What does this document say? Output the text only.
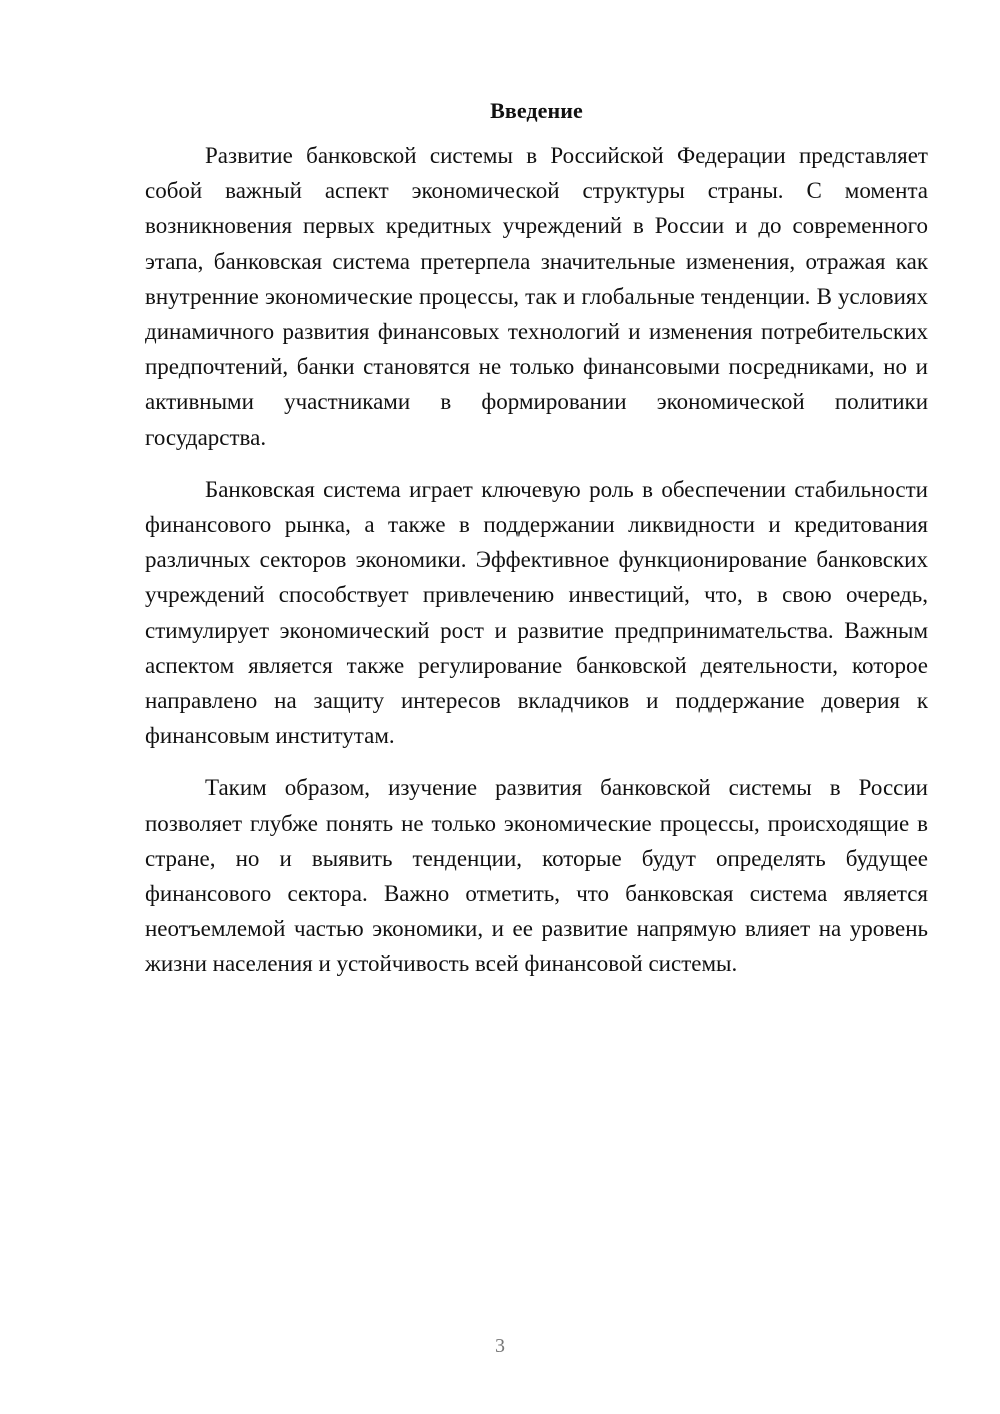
Введение

Развитие банковской системы в Российской Федерации представляет собой важный аспект экономической структуры страны. С момента возникновения первых кредитных учреждений в России и до современного этапа, банковская система претерпела значительные изменения, отражая как внутренние экономические процессы, так и глобальные тенденции. В условиях динамичного развития финансовых технологий и изменения потребительских предпочтений, банки становятся не только финансовыми посредниками, но и активными участниками в формировании экономической политики государства.

Банковская система играет ключевую роль в обеспечении стабильности финансового рынка, а также в поддержании ликвидности и кредитования различных секторов экономики. Эффективное функционирование банковских учреждений способствует привлечению инвестиций, что, в свою очередь, стимулирует экономический рост и развитие предпринимательства. Важным аспектом является также регулирование банковской деятельности, которое направлено на защиту интересов вкладчиков и поддержание доверия к финансовым институтам.

Таким образом, изучение развития банковской системы в России позволяет глубже понять не только экономические процессы, происходящие в стране, но и выявить тенденции, которые будут определять будущее финансового сектора. Важно отметить, что банковская система является неотъемлемой частью экономики, и ее развитие напрямую влияет на уровень жизни населения и устойчивость всей финансовой системы.

3
